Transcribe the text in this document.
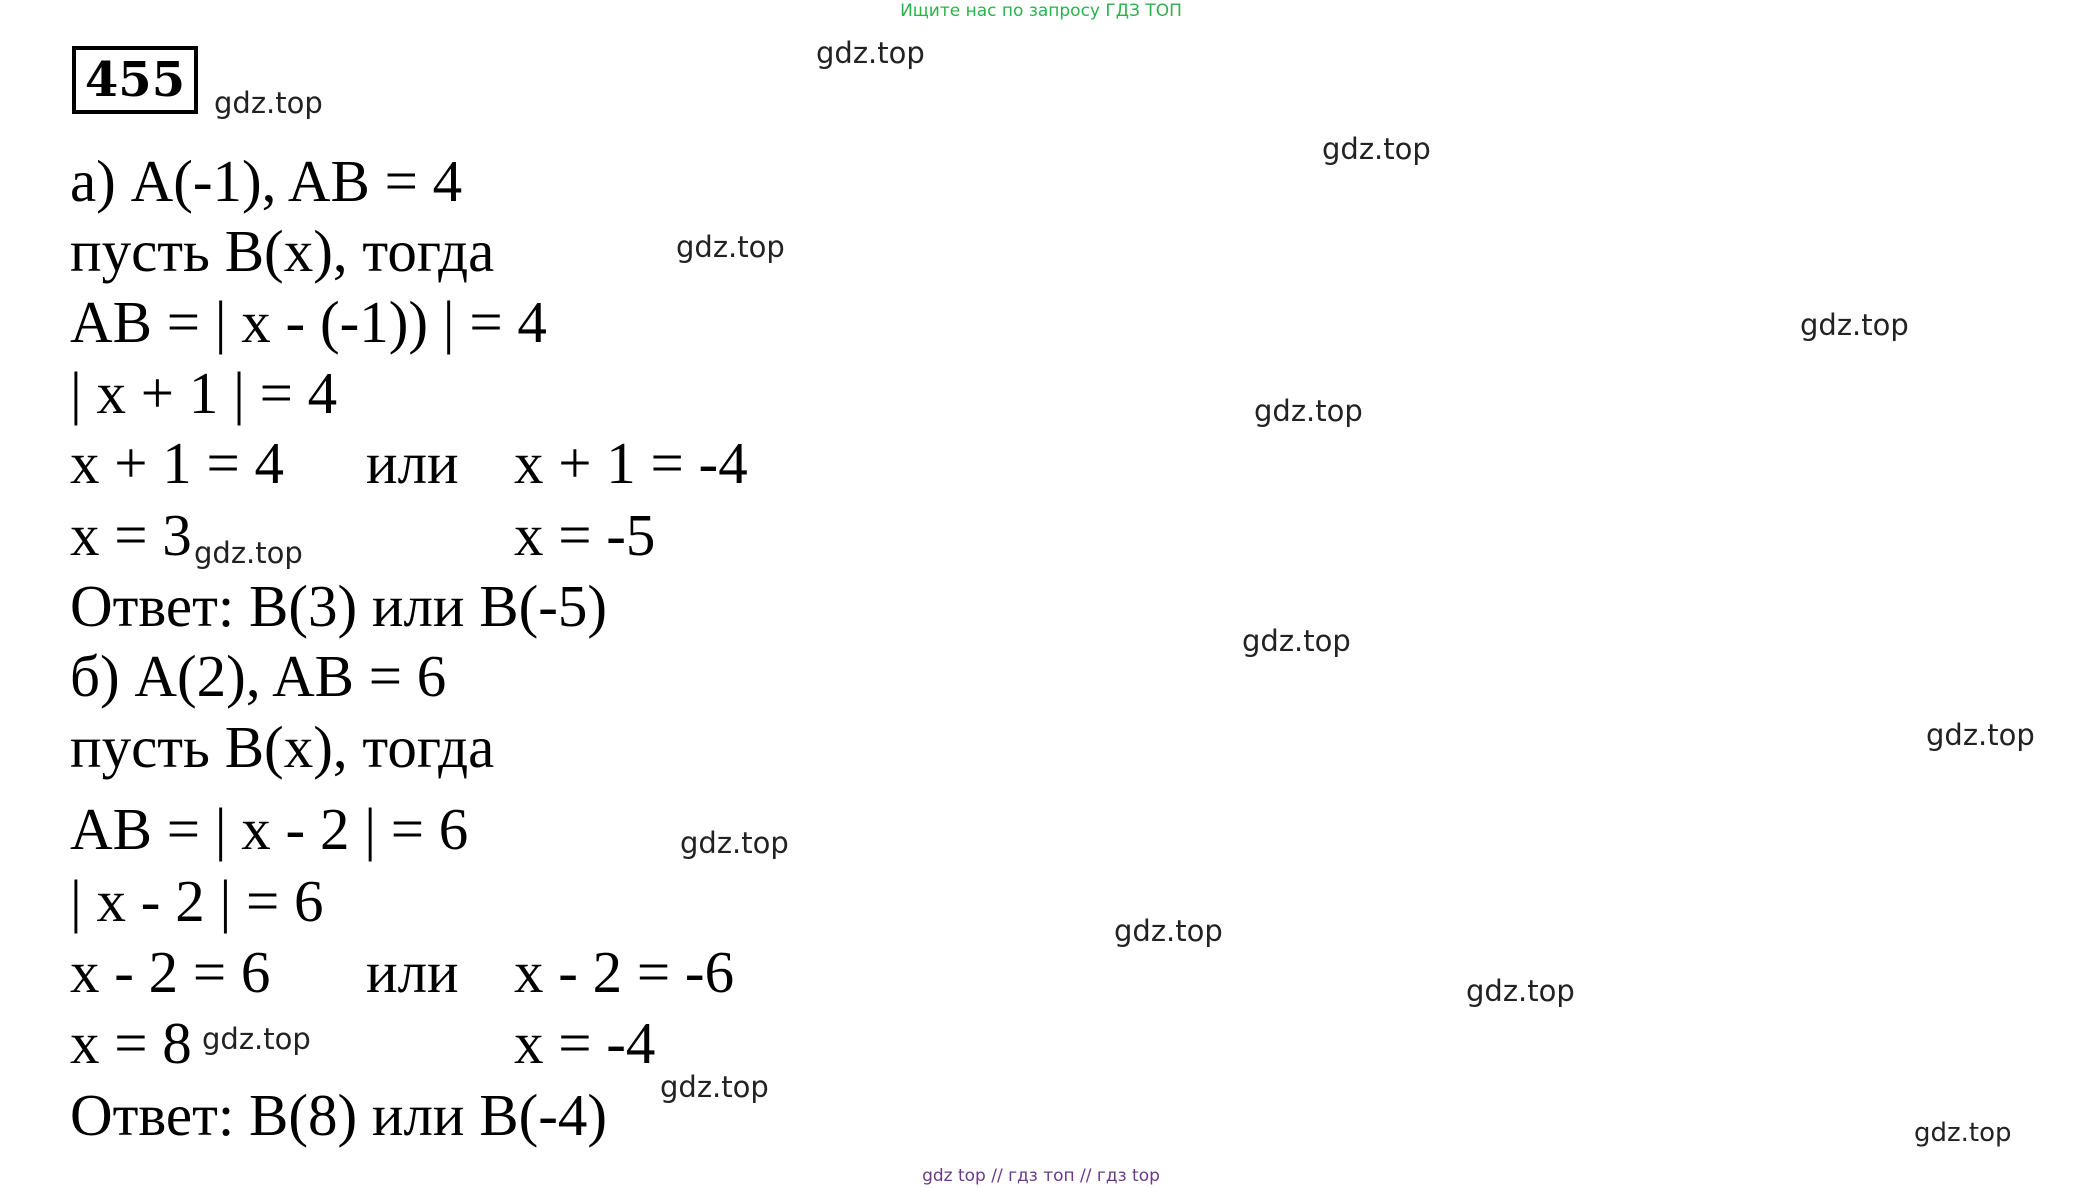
Ищите нас по запросу ГДЗ ТОП
455
а) A(-1), AB = 4
пусть B(x), тогда
AB = | x - (-1)) | = 4
| x + 1 | = 4
x + 1 = 4 или x + 1 = -4
x = 3	x = -5
Ответ: B(3) или B(-5)
б) A(2), AB = 6
пусть B(x), тогда
AB = | x - 2 | = 6
| x - 2 | = 6
x - 2 = 6 или x - 2 = -6
x = 8	x = -4
Ответ: B(8) или B(-4)
gdz.top
gdz.top
gdz.top
gdz.top
gdz.top
gdz.top
gdz.top
gdz.top
gdz.top
gdz.top
gdz.top
gdz.top
gdz.top
gdz.top
gdz.top
gdz top // гдз топ // гдз top
